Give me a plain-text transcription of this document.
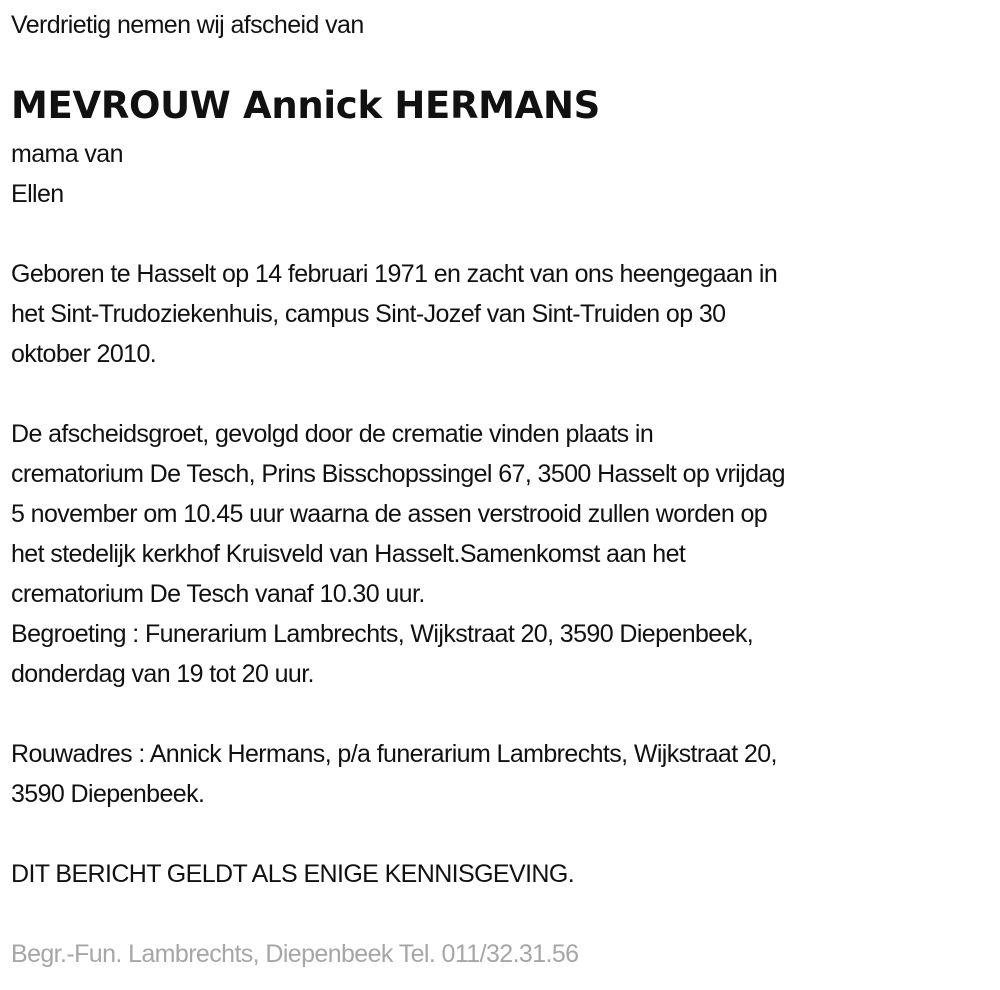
Verdrietig nemen wij afscheid van
MEVROUW Annick HERMANS
mama van
Ellen
Geboren te Hasselt op 14 februari 1971 en zacht van ons heengegaan in
het Sint-Trudoziekenhuis, campus Sint-Jozef van Sint-Truiden op 30
oktober 2010.
De afscheidsgroet, gevolgd door de crematie vinden plaats in
crematorium De Tesch, Prins Bisschopssingel 67, 3500 Hasselt op vrijdag
5 november om 10.45 uur waarna de assen verstrooid zullen worden op
het stedelijk kerkhof Kruisveld van Hasselt.Samenkomst aan het
crematorium De Tesch vanaf 10.30 uur.
Begroeting : Funerarium Lambrechts, Wijkstraat 20, 3590 Diepenbeek,
donderdag van 19 tot 20 uur.
Rouwadres : Annick Hermans, p/a funerarium Lambrechts, Wijkstraat 20,
3590 Diepenbeek.
DIT BERICHT GELDT ALS ENIGE KENNISGEVING.
Begr.-Fun. Lambrechts, Diepenbeek Tel. 011/32.31.56
